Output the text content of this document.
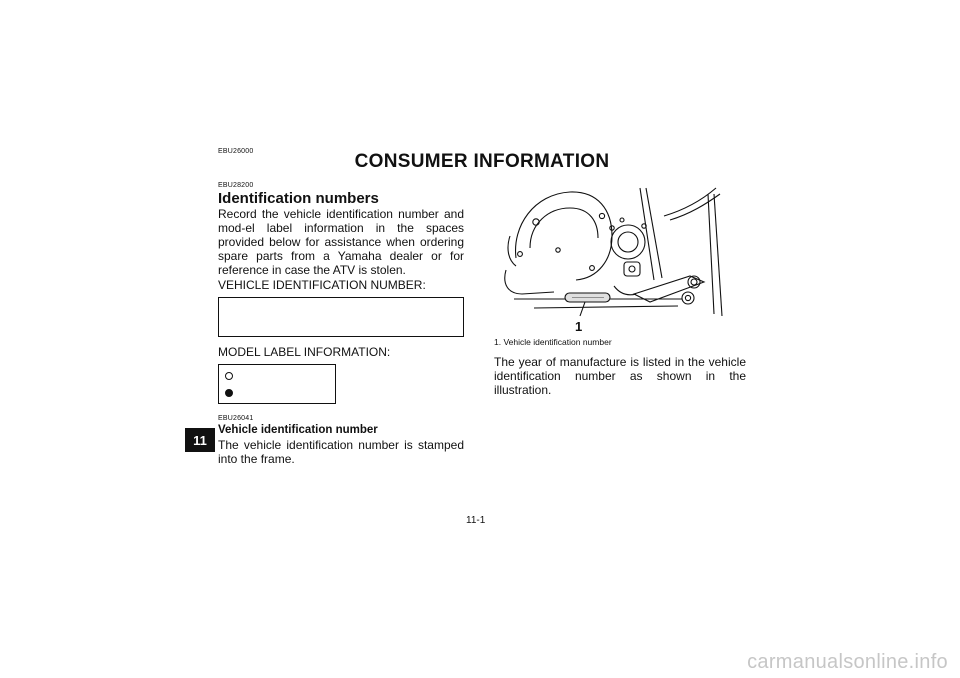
EBU26000	CONSUMER INFORMATION
EBU28200
Identification numbers
Record the vehicle identification number and mod-el label information in the spaces provided below for assistance when ordering spare parts from a Yamaha dealer or for reference in case the ATV is stolen.
VEHICLE IDENTIFICATION NUMBER:
MODEL LABEL INFORMATION:
EBU26041
Vehicle identification number
The vehicle identification number is stamped into the frame.
11
1
1. Vehicle identification number
The year of manufacture is listed in the vehicle identification number as shown in the illustration.
11-1
carmanualsonline.info
